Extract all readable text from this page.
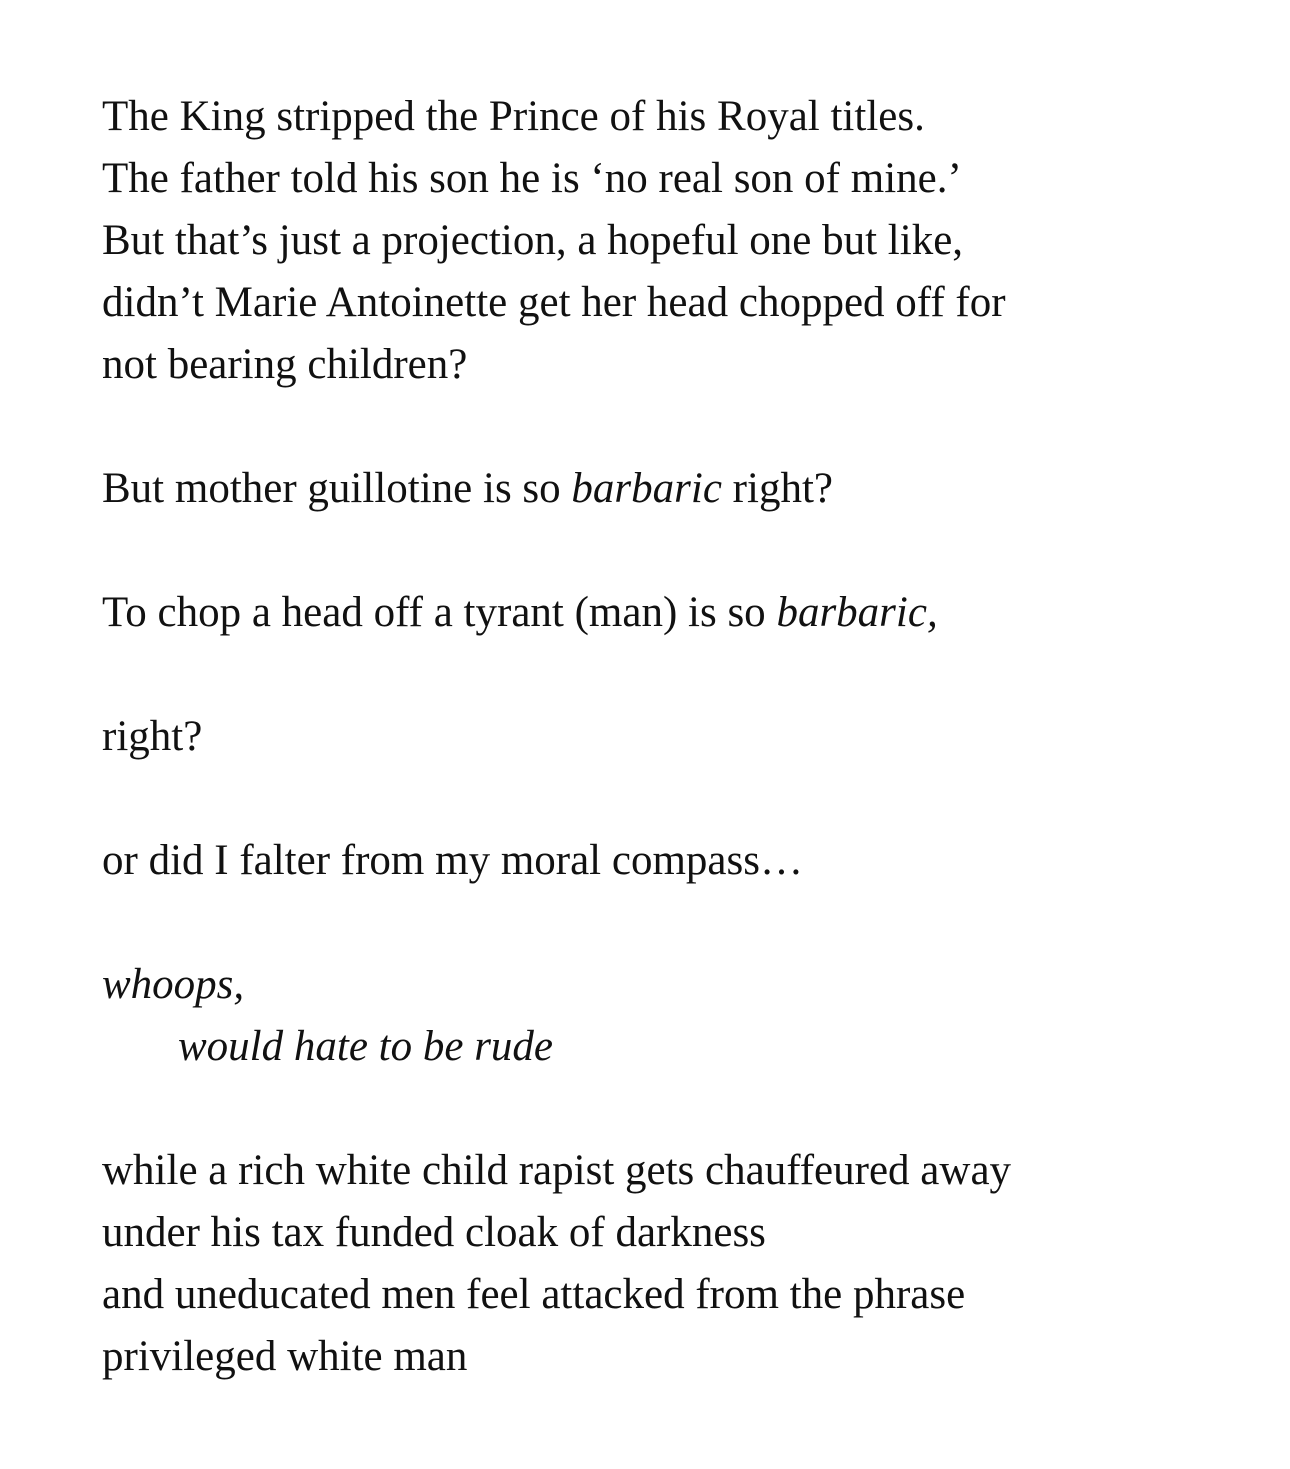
The King stripped the Prince of his Royal titles.

The father told his son he is ‘no real son of mine.’

But that’s just a projection, a hopeful one but like,

didn’t Marie Antoinette get her head chopped off for

not bearing children?

But mother guillotine is so barbaric right?

To chop a head off a tyrant (man) is so barbaric,

right?

or did I falter from my moral compass…

whoops,

would hate to be rude

while a rich white child rapist gets chauffeured away

under his tax funded cloak of darkness

and uneducated men feel attacked from the phrase

privileged white man
